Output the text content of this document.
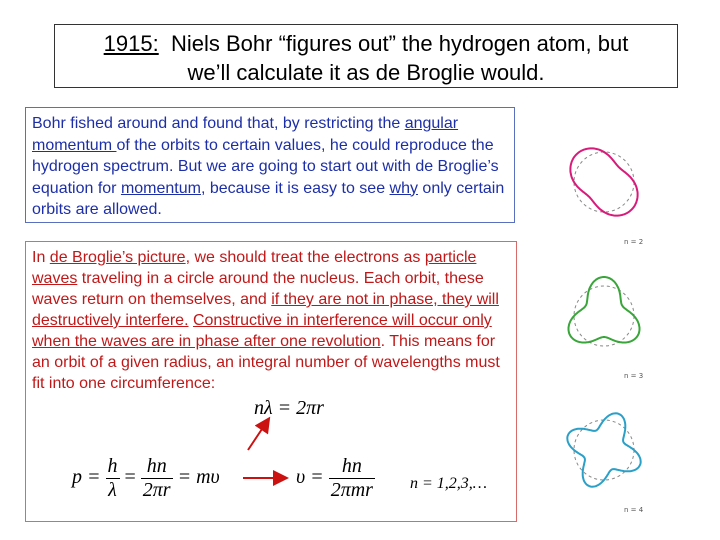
1915: Niels Bohr “figures out” the hydrogen atom, but
we’ll calculate it as de Broglie would.
Bohr fished around and found that, by restricting the angular momentum of the orbits to certain values, he could reproduce the hydrogen spectrum. But we are going to start out with de Broglie’s equation for momentum, because it is easy to see why only certain orbits are allowed.
In de Broglie’s picture, we should treat the electrons as particle waves traveling in a circle around the nucleus. Each orbit, these waves return on themselves, and if they are not in phase, they will destructively interfere. Constructive in interference will occur only when the waves are in phase after one revolution. This means for an orbit of a given radius, an integral number of wavelengths must fit into one circumference:
nλ = 2πr
$p = \frac{h}{\lambda} = \frac{hn}{2\pi r} = m\upsilon$	$\upsilon = \frac{hn}{\text{2πmr}}$ n = 1,2,3,…
n = 2
n = 3
n = 4
